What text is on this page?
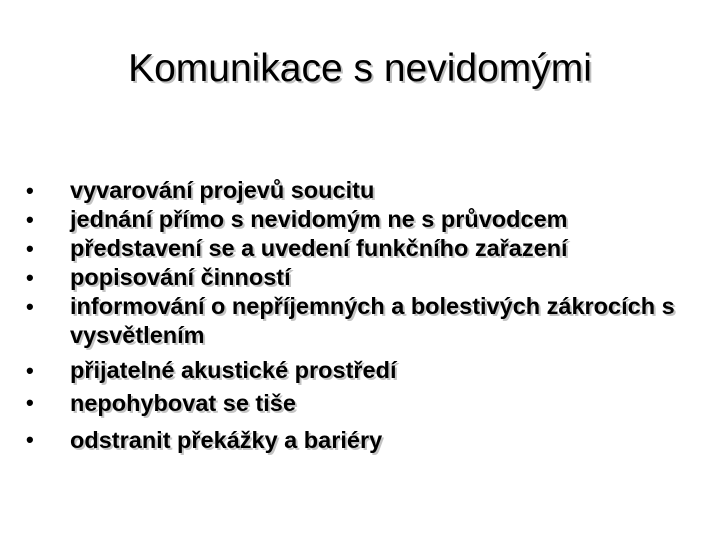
Komunikace s nevidomými
•	vyvarování projevů soucitu
•	jednání přímo s nevidomým ne s průvodcem
•	představení se a uvedení funkčního zařazení
•	popisování činností
•	informování o nepříjemných a bolestivých zákrocích s vysvětlením
•	přijatelné akustické prostředí
•	nepohybovat se tiše
•	odstranit překážky a bariéry
